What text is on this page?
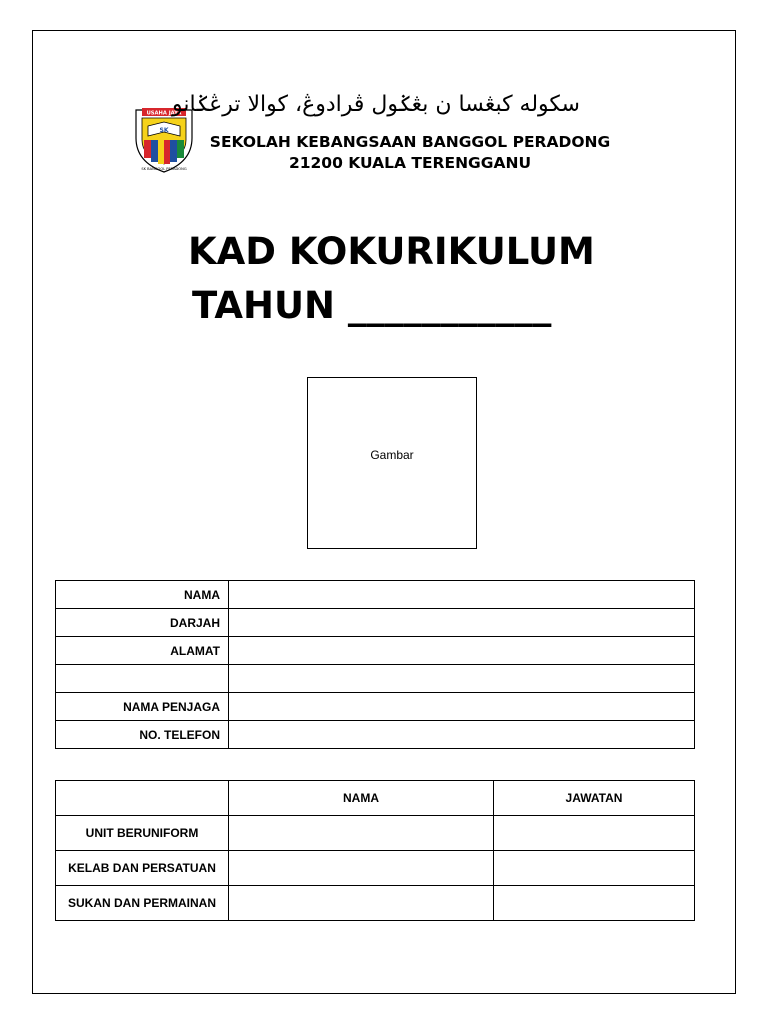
USAHA JAYA
SK
SK BANGGOL PERADONG
سکوله کبڠسا ن بڠݢول ڤرادوڠ، کوالا ترڠݢانو
SEKOLAH KEBANGSAAN BANGGOL PERADONG
21200 KUALA TERENGGANU
KAD KOKURIKULUM
TAHUN ___________
Gambar
NAMA	
DARJAH	
ALAMAT	

NAMA PENJAGA	
NO. TELEFON	
	NAMA	JAWATAN
UNIT BERUNIFORM		
KELAB DAN PERSATUAN		
SUKAN DAN PERMAINAN		
